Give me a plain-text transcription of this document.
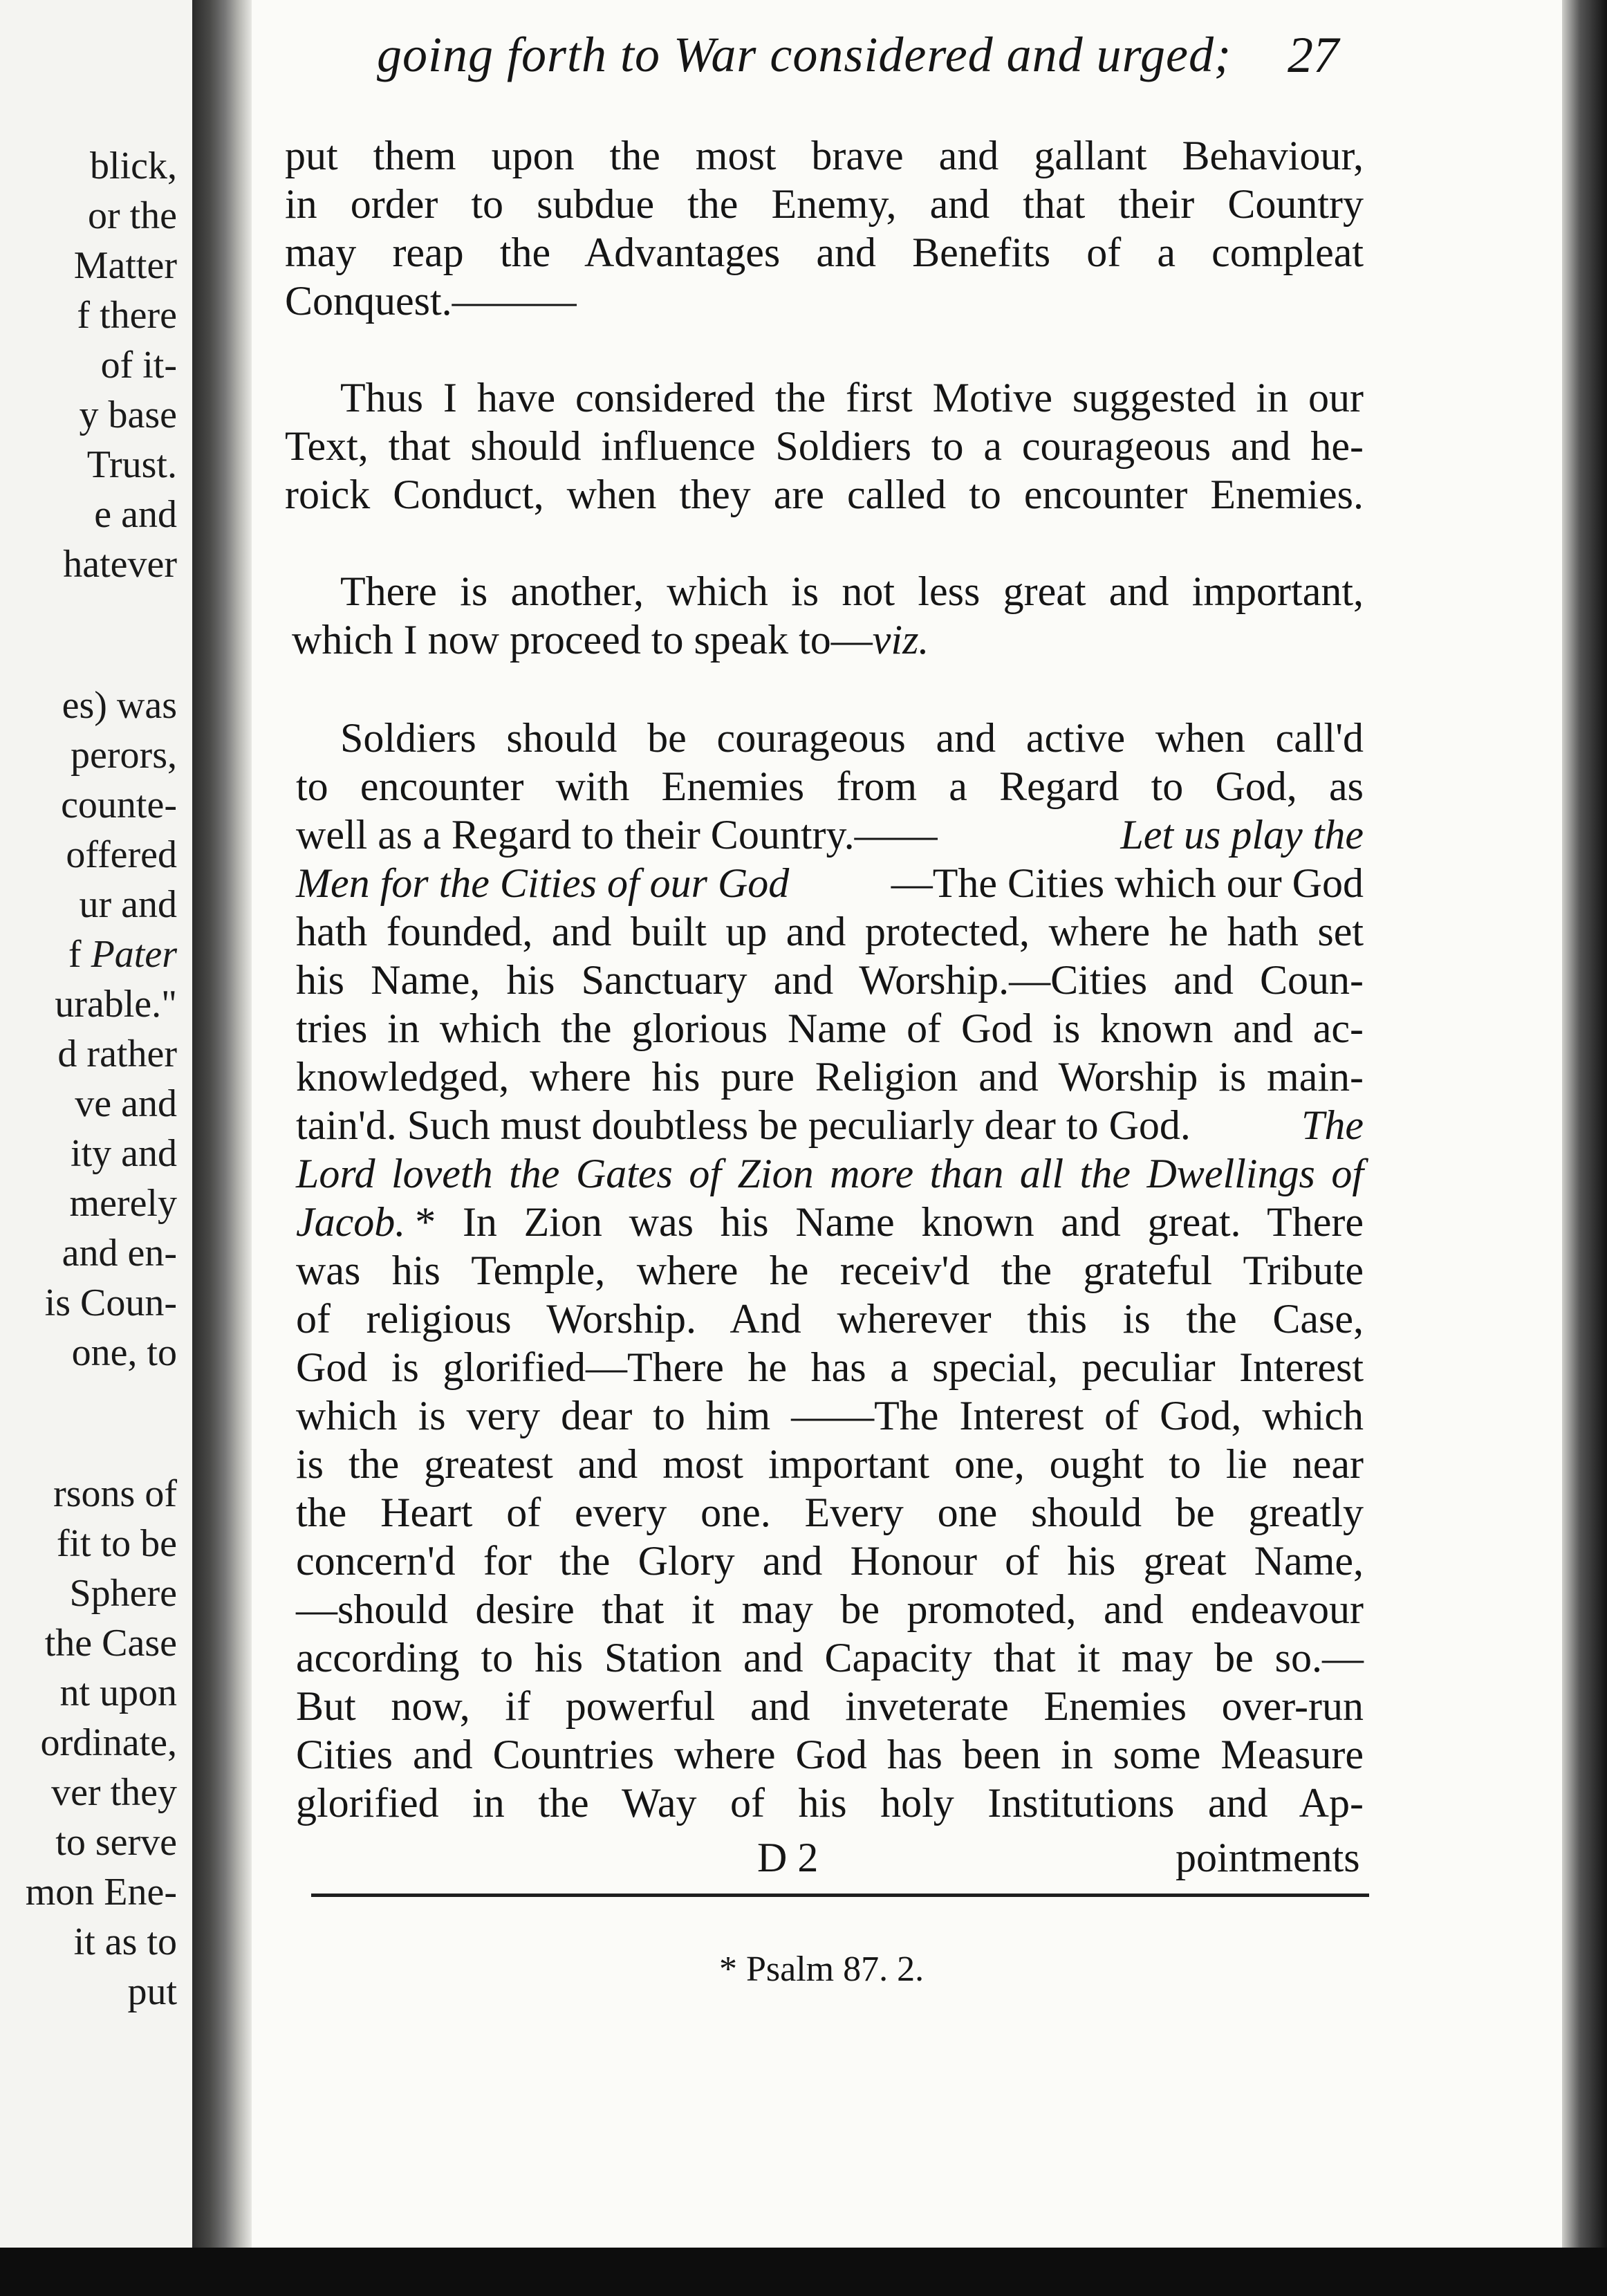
blick,
or the
Matter
f there
of it-
y base
Trust.
e and
hatever
es) was
perors,
counte-
offered
ur and
f Pater
urable."
d rather
ve and
ity and
merely
and en-
is Coun-
one, to
rsons of
fit to be
Sphere
the Case
nt upon
ordinate,
ver they
to serve
mon Ene-
it as to
put
going forth to War considered and urged; 27
put them upon the most brave and gallant Behaviour,
in order to subdue the Enemy, and that their Country
may reap the Advantages and Benefits of a compleat
Conquest.———
Thus I have considered the first Motive suggested in our
Text, that should influence Soldiers to a courageous and he-
roick Conduct, when they are called to encounter Enemies.
There is another, which is not less great and important,
which I now proceed to speak to—viz.
Soldiers should be courageous and active when call'd
to encounter with Enemies from a Regard to God, as
well as a Regard to their Country.——	Let us play the
Men for the Cities of our God —The Cities which our God
hath founded, and built up and protected, where he hath set
his Name, his Sanctuary and Worship.—Cities and Coun-
tries in which the glorious Name of God is known and ac-
knowledged, where his pure Religion and Worship is main-
tain'd. Such must doubtless be peculiarly dear to God.	The
Lord loveth the Gates of Zion more than all the Dwellings of
Jacob. * In Zion was his Name known and great. There
was his Temple, where he receiv'd the grateful Tribute
of religious Worship. And wherever this is the Case,
God is glorified—There he has a special, peculiar Interest
which is very dear to him ——The Interest of God, which
is the greatest and most important one, ought to lie near
the Heart of every one. Every one should be greatly
concern'd for the Glory and Honour of his great Name,
—should desire that it may be promoted, and endeavour
according to his Station and Capacity that it may be so.—
But now, if powerful and inveterate Enemies over-run
Cities and Countries where God has been in some Measure
glorified in the Way of his holy Institutions and Ap-
D 2	pointments
* Psalm 87. 2.
